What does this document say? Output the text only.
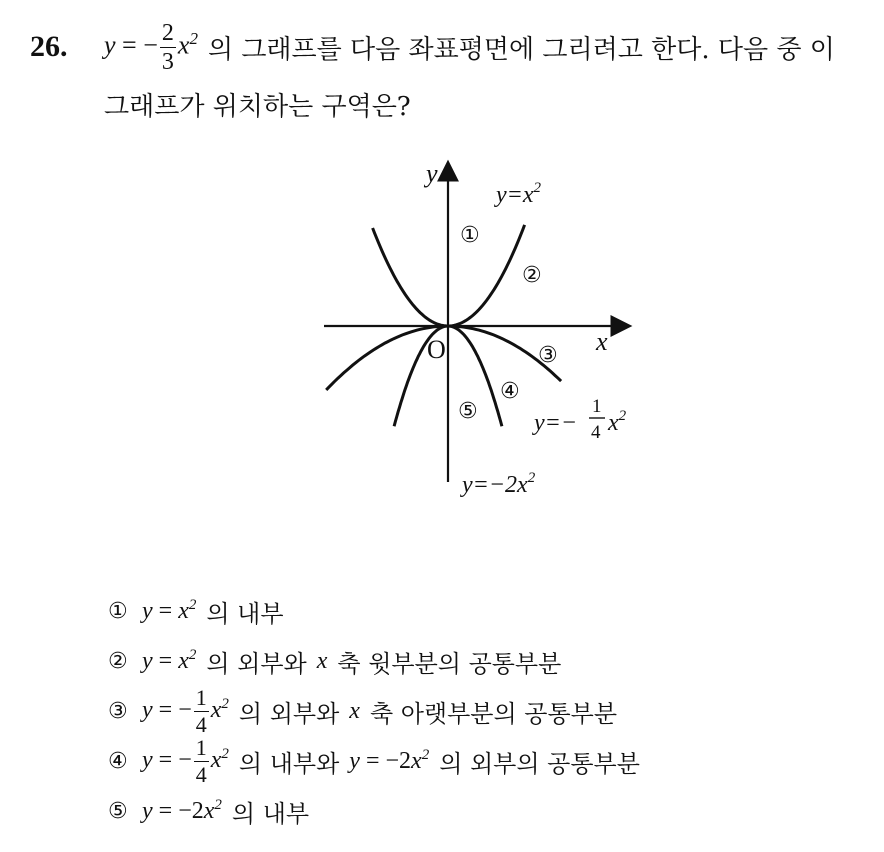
26. y = − $\frac{2}{3} x^2$ 의 그래프를 다음 좌표평면에 그리려고 한다. 다음 중 이
그래프가 위치하는 구역은?
y
x
O
$y=x^2$
y=−
1
4 $x^2$
$y=-2x^2$
①
②
③
④
⑤
① $y = x^2$ 의 내부
② $y = x^2$ 의 외부와 x 축 윗부분의 공통부분
③ y = − $\frac{1}{4} x^2$ 의 외부와 x 축 아랫부분의 공통부분
④ y = − $\frac{1}{4} x^2$ 의 내부와 $y = -2x^2$ 의 외부의 공통부분
⑤ $y = -2x^2$ 의 내부
